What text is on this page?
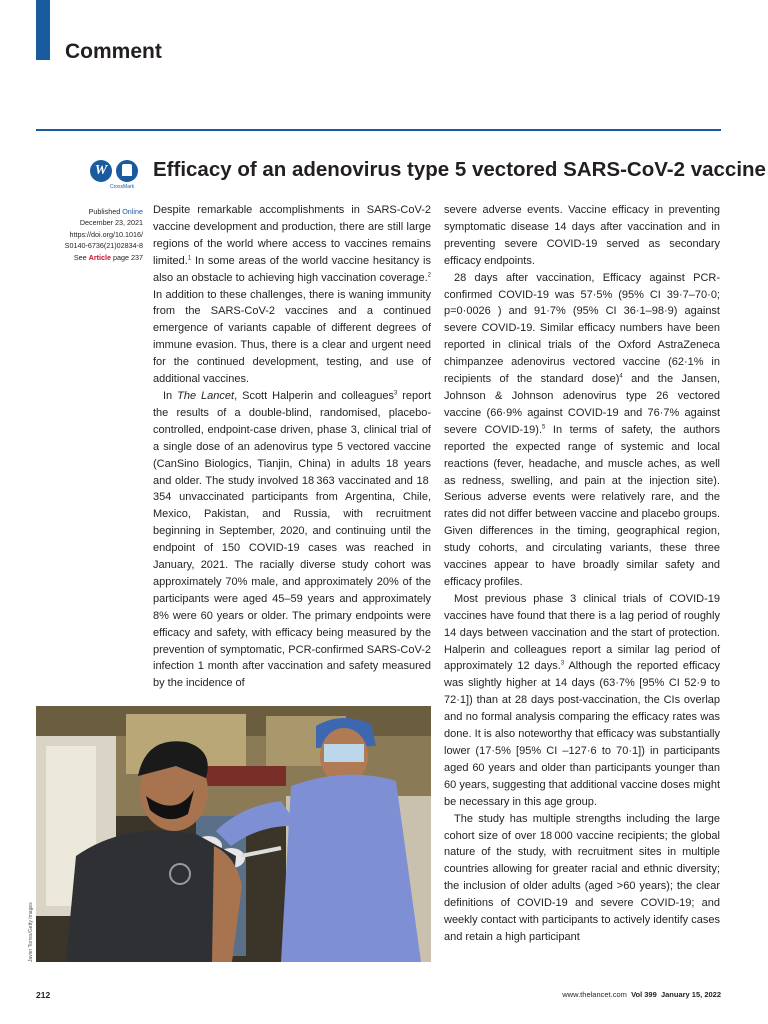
Comment
W
CrossMark
Efficacy of an adenovirus type 5 vectored SARS-CoV-2 vaccine
Published Online
December 23, 2021
https://doi.org/10.1016/
S0140-6736(21)02834-8
See Article page 237

Despite remarkable accomplishments in SARS-CoV-2 vaccine development and production, there are still large regions of the world where access to vaccines remains limited.$^1$ In some areas of the world vaccine hesitancy is also an obstacle to achieving high vaccination coverage.$^2$ In addition to these challenges, there is waning immunity from the SARS-CoV-2 vaccines and a continued emergence of variants capable of different degrees of immune evasion. Thus, there is a clear and urgent need for the continued development, testing, and use of additional vaccines.

In The Lancet, Scott Halperin and colleagues$^3$ report the results of a double-blind, randomised, placebo-controlled, endpoint-case driven, phase 3, clinical trial of a single dose of an adenovirus type 5 vectored vaccine (CanSino Biologics, Tianjin, China) in adults 18 years and older. The study involved 18 363 vaccinated and 18 354 unvaccinated participants from Argentina, Chile, Mexico, Pakistan, and Russia, with recruitment beginning in September, 2020, and continuing until the endpoint of 150 COVID-19 cases was reached in January, 2021. The racially diverse study cohort was approximately 70% male, and approximately 20% of the participants were aged 45–59 years and approximately 8% were 60 years or older. The primary endpoints were efficacy and safety, with efficacy being measured by the prevention of symptomatic, PCR-confirmed SARS-CoV-2 infection 1 month after vaccination and safety measured by the incidence of

severe adverse events. Vaccine efficacy in preventing symptomatic disease 14 days after vaccination and in preventing severe COVID-19 served as secondary efficacy endpoints.

28 days after vaccination, Efficacy against PCR-confirmed COVID-19 was 57·5% (95% CI 39·7–70·0; p=0·0026 ) and 91·7% (95% CI 36·1–98·9) against severe COVID-19. Similar efficacy numbers have been reported in clinical trials of the Oxford AstraZeneca chimpanzee adenovirus vectored vaccine (62·1% in recipients of the standard dose)$^4$ and the Jansen, Johnson & Johnson adenovirus type 26 vectored vaccine (66·9% against COVID-19 and 76·7% against severe COVID-19).$^5$ In terms of safety, the authors reported the expected range of systemic and local reactions (fever, headache, and muscle aches, as well as redness, swelling, and pain at the injection site). Serious adverse events were relatively rare, and the rates did not differ between vaccine and placebo groups. Given differences in the timing, geographical region, study cohorts, and circulating variants, these three vaccines appear to have broadly similar safety and efficacy profiles.

Most previous phase 3 clinical trials of COVID-19 vaccines have found that there is a lag period of roughly 14 days between vaccination and the start of protection. Halperin and colleagues report a similar lag period of approximately 12 days.$^3$ Although the reported efficacy was slightly higher at 14 days (63·7% [95% CI 52·9 to 72·1]) than at 28 days post-vaccination, the CIs overlap and no formal analysis comparing the efficacy rates was done. It is also noteworthy that efficacy was substantially lower (17·5% [95% CI –127·6 to 70·1]) in participants aged 60 years and older than participants younger than 60 years, suggesting that additional vaccine doses might be necessary in this age group.

The study has multiple strengths including the large cohort size of over 18 000 vaccine recipients; the global nature of the study, with recruitment sites in multiple countries allowing for greater racial and ethnic diversity; the inclusion of older adults (aged >60 years); the clear definitions of COVID-19 and severe COVID-19; and weekly contact with participants to actively identify cases and retain a high participant

Javier Torres/Getty Images
212	www.thelancet.com Vol 399 January 15, 2022
